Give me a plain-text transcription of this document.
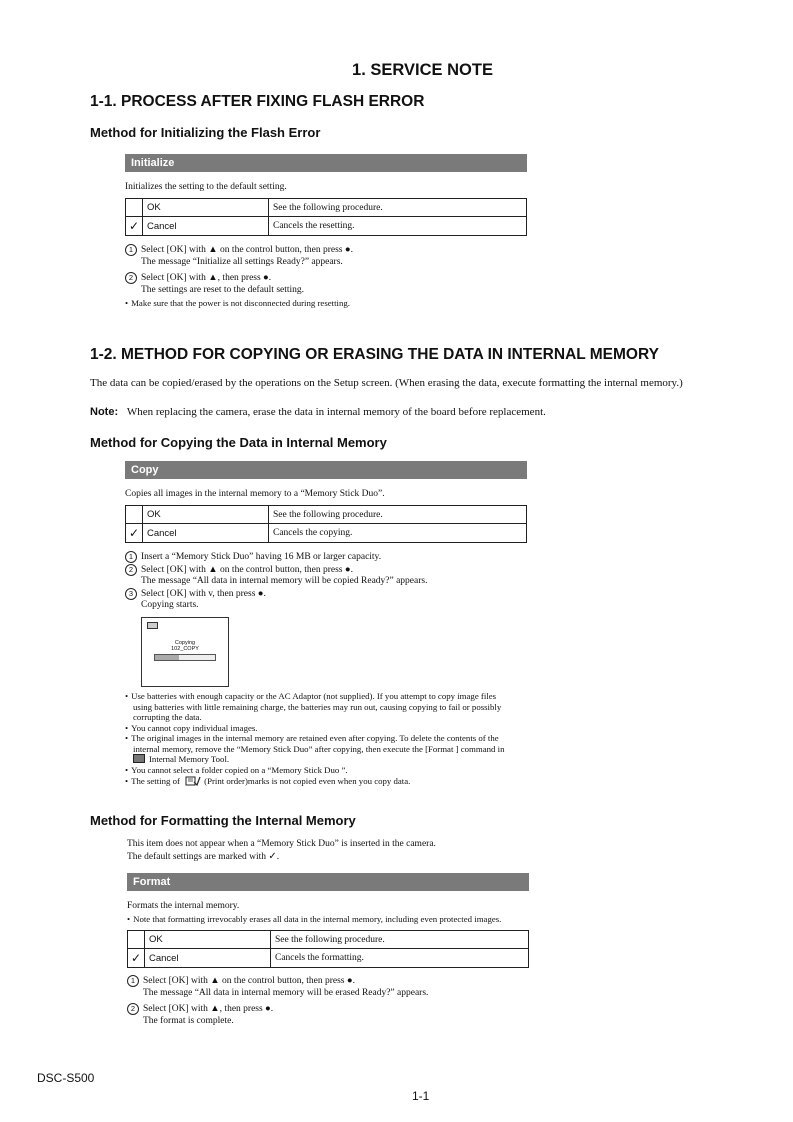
1. SERVICE NOTE
1-1. PROCESS AFTER FIXING FLASH ERROR
Method for Initializing the Flash Error
Initialize
Initializes the setting to the default setting.
	OK	See the following procedure.
✓	Cancel	Cancels the resetting.
1 Select [OK] with ▲ on the control button, then press ●.
The message “Initialize all settings Ready?” appears.
2 Select [OK] with ▲, then press ●.
The settings are reset to the default setting.
• Make sure that the power is not disconnected during resetting.
1-2. METHOD FOR COPYING OR ERASING THE DATA IN INTERNAL MEMORY
The data can be copied/erased by the operations on the Setup screen. (When erasing the data, execute formatting the internal memory.)
Note: When replacing the camera, erase the data in internal memory of the board before replacement.
Method for Copying the Data in Internal Memory
Copy
Copies all images in the internal memory to a “Memory Stick Duo”.
	OK	See the following procedure.
✓	Cancel	Cancels the copying.
1 Insert a “Memory Stick Duo” having 16 MB or larger capacity.
2 Select [OK] with ▲ on the control button, then press ●.
The message “All data in internal memory will be copied Ready?” appears.
3 Select [OK] with v, then press ●.
Copying starts.
Copying
102_COPY
• Use batteries with enough capacity or the AC Adaptor (not supplied). If you attempt to copy image files
using batteries with little remaining charge, the batteries may run out, causing copying to fail or possibly
corrupting the data.
• You cannot copy individual images.
• The original images in the internal memory are retained even after copying. To delete the contents of the
internal memory, remove the “Memory Stick Duo” after copying, then execute the [Format ] command in
Internal Memory Tool.
• You cannot select a folder copied on a “Memory Stick Duo ”.
• The setting of	(Print order)marks is not copied even when you copy data.
Method for Formatting the Internal Memory
This item does not appear when a “Memory Stick Duo” is inserted in the camera.
The default settings are marked with ✓.
Format
Formats the internal memory.
• Note that formatting irrevocably erases all data in the internal memory, including even protected images.
	OK	See the following procedure.
✓	Cancel	Cancels the formatting.
1 Select [OK] with ▲ on the control button, then press ●.
The message “All data in internal memory will be erased Ready?” appears.
2 Select [OK] with ▲, then press ●.
The format is complete.
DSC-S500
1-1
